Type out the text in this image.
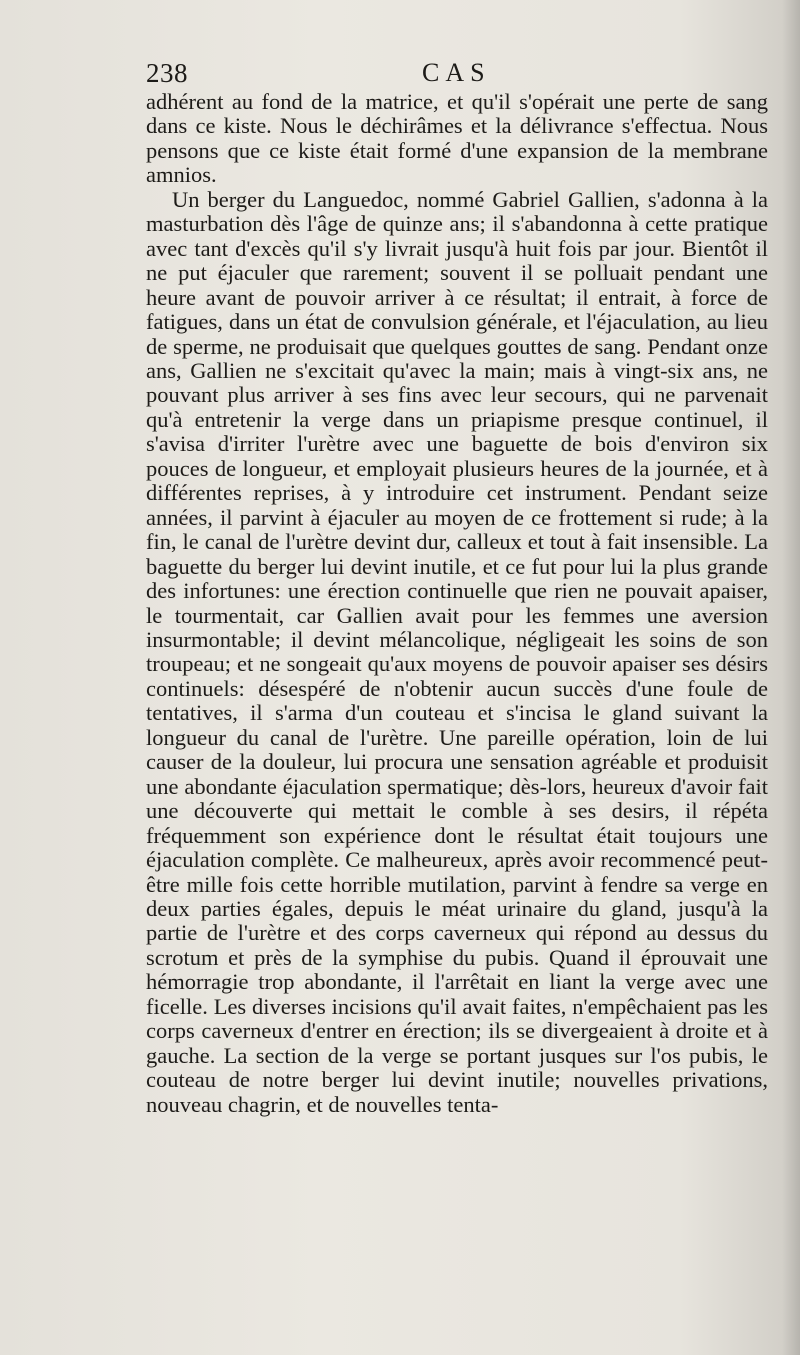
238	CAS

adhérent au fond de la matrice, et qu'il s'opérait une perte de sang dans ce kiste. Nous le déchirâmes et la délivrance s'effectua. Nous pensons que ce kiste était formé d'une expansion de la membrane amnios.

Un berger du Languedoc, nommé Gabriel Gallien, s'adonna à la masturbation dès l'âge de quinze ans; il s'abandonna à cette pratique avec tant d'excès qu'il s'y livrait jusqu'à huit fois par jour. Bientôt il ne put éjaculer que rarement; souvent il se polluait pendant une heure avant de pouvoir arriver à ce résultat; il entrait, à force de fatigues, dans un état de convulsion générale, et l'éjaculation, au lieu de sperme, ne produisait que quelques gouttes de sang. Pendant onze ans, Gallien ne s'excitait qu'avec la main; mais à vingt-six ans, ne pouvant plus arriver à ses fins avec leur secours, qui ne parvenait qu'à entretenir la verge dans un priapisme presque continuel, il s'avisa d'irriter l'urètre avec une baguette de bois d'environ six pouces de longueur, et employait plusieurs heures de la journée, et à différentes reprises, à y introduire cet instrument. Pendant seize années, il parvint à éjaculer au moyen de ce frottement si rude; à la fin, le canal de l'urètre devint dur, calleux et tout à fait insensible. La baguette du berger lui devint inutile, et ce fut pour lui la plus grande des infortunes: une érection continuelle que rien ne pouvait apaiser, le tourmentait, car Gallien avait pour les femmes une aversion insurmontable; il devint mélancolique, négligeait les soins de son troupeau; et ne songeait qu'aux moyens de pouvoir apaiser ses désirs continuels: désespéré de n'obtenir aucun succès d'une foule de tentatives, il s'arma d'un couteau et s'incisa le gland suivant la longueur du canal de l'urètre. Une pareille opération, loin de lui causer de la douleur, lui procura une sensation agréable et produisit une abondante éjaculation spermatique; dès-lors, heureux d'avoir fait une découverte qui mettait le comble à ses desirs, il répéta fréquemment son expérience dont le résultat était toujours une éjaculation complète. Ce malheureux, après avoir recommencé peut-être mille fois cette horrible mutilation, parvint à fendre sa verge en deux parties égales, depuis le méat urinaire du gland, jusqu'à la partie de l'urètre et des corps caverneux qui répond au dessus du scrotum et près de la symphise du pubis. Quand il éprouvait une hémorragie trop abondante, il l'arrêtait en liant la verge avec une ficelle. Les diverses incisions qu'il avait faites, n'empêchaient pas les corps caverneux d'entrer en érection; ils se divergeaient à droite et à gauche. La section de la verge se portant jusques sur l'os pubis, le couteau de notre berger lui devint inutile; nouvelles privations, nouveau chagrin, et de nouvelles tenta-
